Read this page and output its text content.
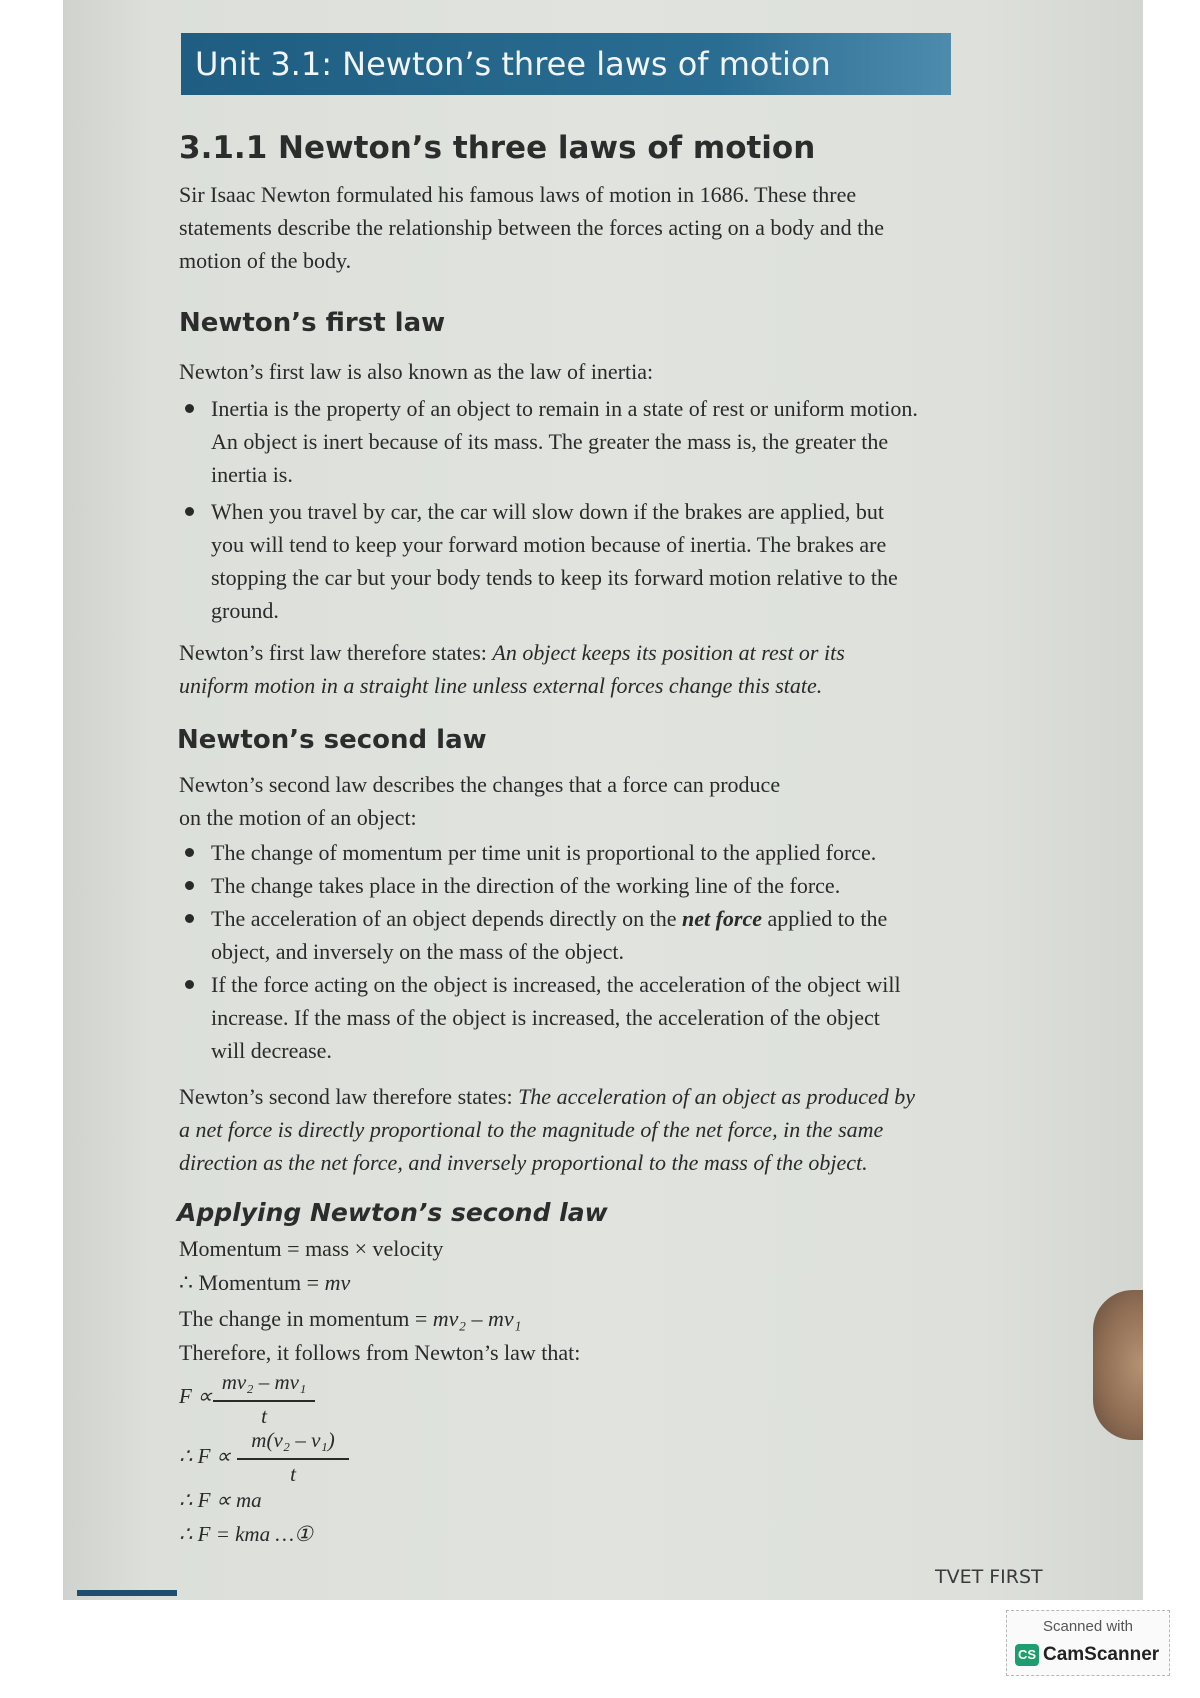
Unit 3.1: Newton’s three laws of motion
3.1.1 Newton’s three laws of motion

Sir Isaac Newton formulated his famous laws of motion in 1686. These three statements describe the relationship between the forces acting on a body and the motion of the body.

Newton’s first law

Newton’s first law is also known as the law of inertia:

Inertia is the property of an object to remain in a state of rest or uniform motion. An object is inert because of its mass. The greater the mass is, the greater the inertia is.
When you travel by car, the car will slow down if the brakes are applied, but you will tend to keep your forward motion because of inertia. The brakes are stopping the car but your body tends to keep its forward motion relative to the ground.

Newton’s first law therefore states: An object keeps its position at rest or its uniform motion in a straight line unless external forces change this state.

Newton’s second law

Newton’s second law describes the changes that a force can produce on the motion of an object:

The change of momentum per time unit is proportional to the applied force.
The change takes place in the direction of the working line of the force.
The acceleration of an object depends directly on the net force applied to the object, and inversely on the mass of the object.
If the force acting on the object is increased, the acceleration of the object will increase. If the mass of the object is increased, the acceleration of the object will decrease.

Newton’s second law therefore states: The acceleration of an object as produced by a net force is directly proportional to the magnitude of the net force, in the same direction as the net force, and inversely proportional to the mass of the object.

Applying Newton’s second law
Momentum = mass × velocity
∴ Momentum = mv
The change in momentum = mv₂ – mv₁
Therefore, it follows from Newton’s law that:
F ∝
mv₂ – mv₁
t
∴ F ∝
m(v₂ – v₁)
t
∴ F ∝ ma
∴ F = kma …①
TVET FIRST
Scanned with
CS CamScanner
